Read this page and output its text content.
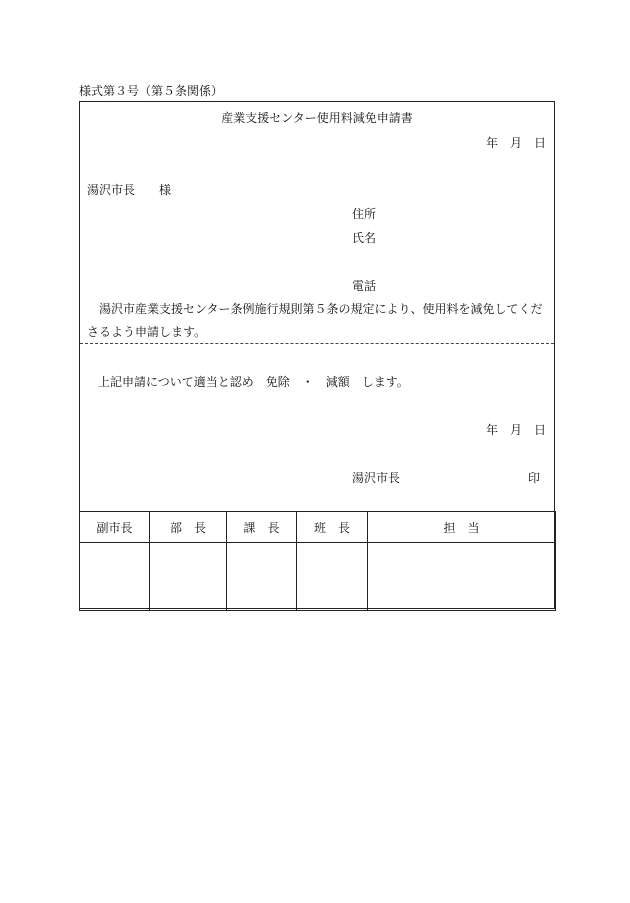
様式第３号（第５条関係）
産業支援センター使用料減免申請書
年　月　日
湯沢市長　　様
住所
氏名
電話
　湯沢市産業支援センター条例施行規則第５条の規定により、使用料を減免してくださるよう申請します。
上記申請について適当と認め　免除　・　減額　します。
年　月　日
湯沢市長	印
副市長	部　長	課　長	班　長	担　当
